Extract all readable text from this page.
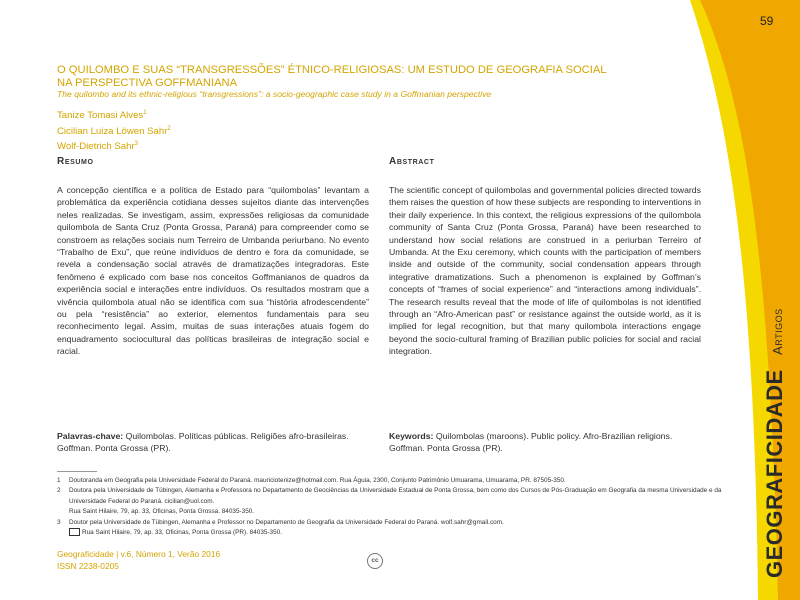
59
GEOGRAFICIDADE Artigos
O QUILOMBO E SUAS “TRANSGRESSÕES” ÉTNICO-RELIGIOSAS: UM ESTUDO DE GEOGRAFIA SOCIAL NA PERSPECTIVA GOFFMANIANA
The quilombo and its ethnic-religious “transgressions”: a socio-geographic case study in a Goffmanian perspective
Tanize Tomasi Alves$^1$
Cicilian Luiza Löwen Sahr$^2$
Wolf-Dietrich Sahr$^3$
Resumo	Abstract
A concepção científica e a política de Estado para “quilombolas” levantam a problemática da experiência cotidiana desses sujeitos diante das intervenções neles realizadas. Se investigam, assim, expressões religiosas da comunidade quilombola de Santa Cruz (Ponta Grossa, Paraná) para compreender como se constroem as relações sociais num Terreiro de Umbanda periurbano. No evento “Trabalho de Exu”, que reúne indivíduos de dentro e fora da comunidade, se revela a condensação social através de dramatizações integradoras. Este fenômeno é explicado com base nos conceitos Goffmanianos de quadros da experiência social e interações entre indivíduos. Os resultados mostram que a vivência quilombola atual não se identifica com sua “história afrodescendente” ou pela “resistência” ao exterior, elementos fundamentais para seu reconhecimento legal. Assim, muitas de suas interações atuais fogem do enquadramento sociocultural das políticas brasileiras de integração social e racial.
The scientific concept of quilombolas and governmental policies directed towards them raises the question of how these subjects are responding to interventions in their daily experience. In this context, the religious expressions of the quilombola community of Santa Cruz (Ponta Grossa, Paraná) have been researched to understand how social relations are construed in a periurban Terreiro of Umbanda. At the Exu ceremony, which counts with the participation of members inside and outside of the community, social condensation appears through integrative dramatizations. Such a phenomenon is explained by Goffman’s concepts of “frames of social experience” and “interactions among individuals”. The research results reveal that the mode of life of quilombolas is not identified through an “Afro-American past” or resistance against the outside world, as it is implied for legal recognition, but that many quilombola interactions engage beyond the socio-cultural framing of Brazilian public policies for social and racial integration.
Palavras-chave: Quilombolas. Políticas públicas. Religiões afro-brasileiras. Goffman. Ponta Grossa (PR).
Keywords: Quilombolas (maroons). Public policy. Afro-Brazilian religions. Goffman. Ponta Grossa (PR).
1	Doutoranda em Geografia pela Universidade Federal do Paraná. mauriciotenize@hotmail.com. Rua Águia, 2300, Conjunto Patrimônio Umuarama, Umuarama, PR. 87505-350.
2	Doutora pela Universidade de Tübingen, Alemanha e Professora no Departamento de Geociências da Universidade Estadual de Ponta Grossa, bem como dos Cursos de Pós-Graduação em Geografia da mesma Universidade e da Universidade Federal do Paraná. cicilian@uol.com.
Rua Saint Hilaire, 79, ap. 33, Oficinas, Ponta Grossa. 84035-350.
3	Doutor pela Universidade de Tübingen, Alemanha e Professor no Departamento de Geografia da Universidade Federal do Paraná. wolf.sahr@gmail.com.
Rua Saint Hilaire, 79, ap. 33, Oficinas, Ponta Grossa (PR). 84035-350.
Geograficidade | v.6, Número 1, Verão 2016
ISSN 2238-0205	cc
